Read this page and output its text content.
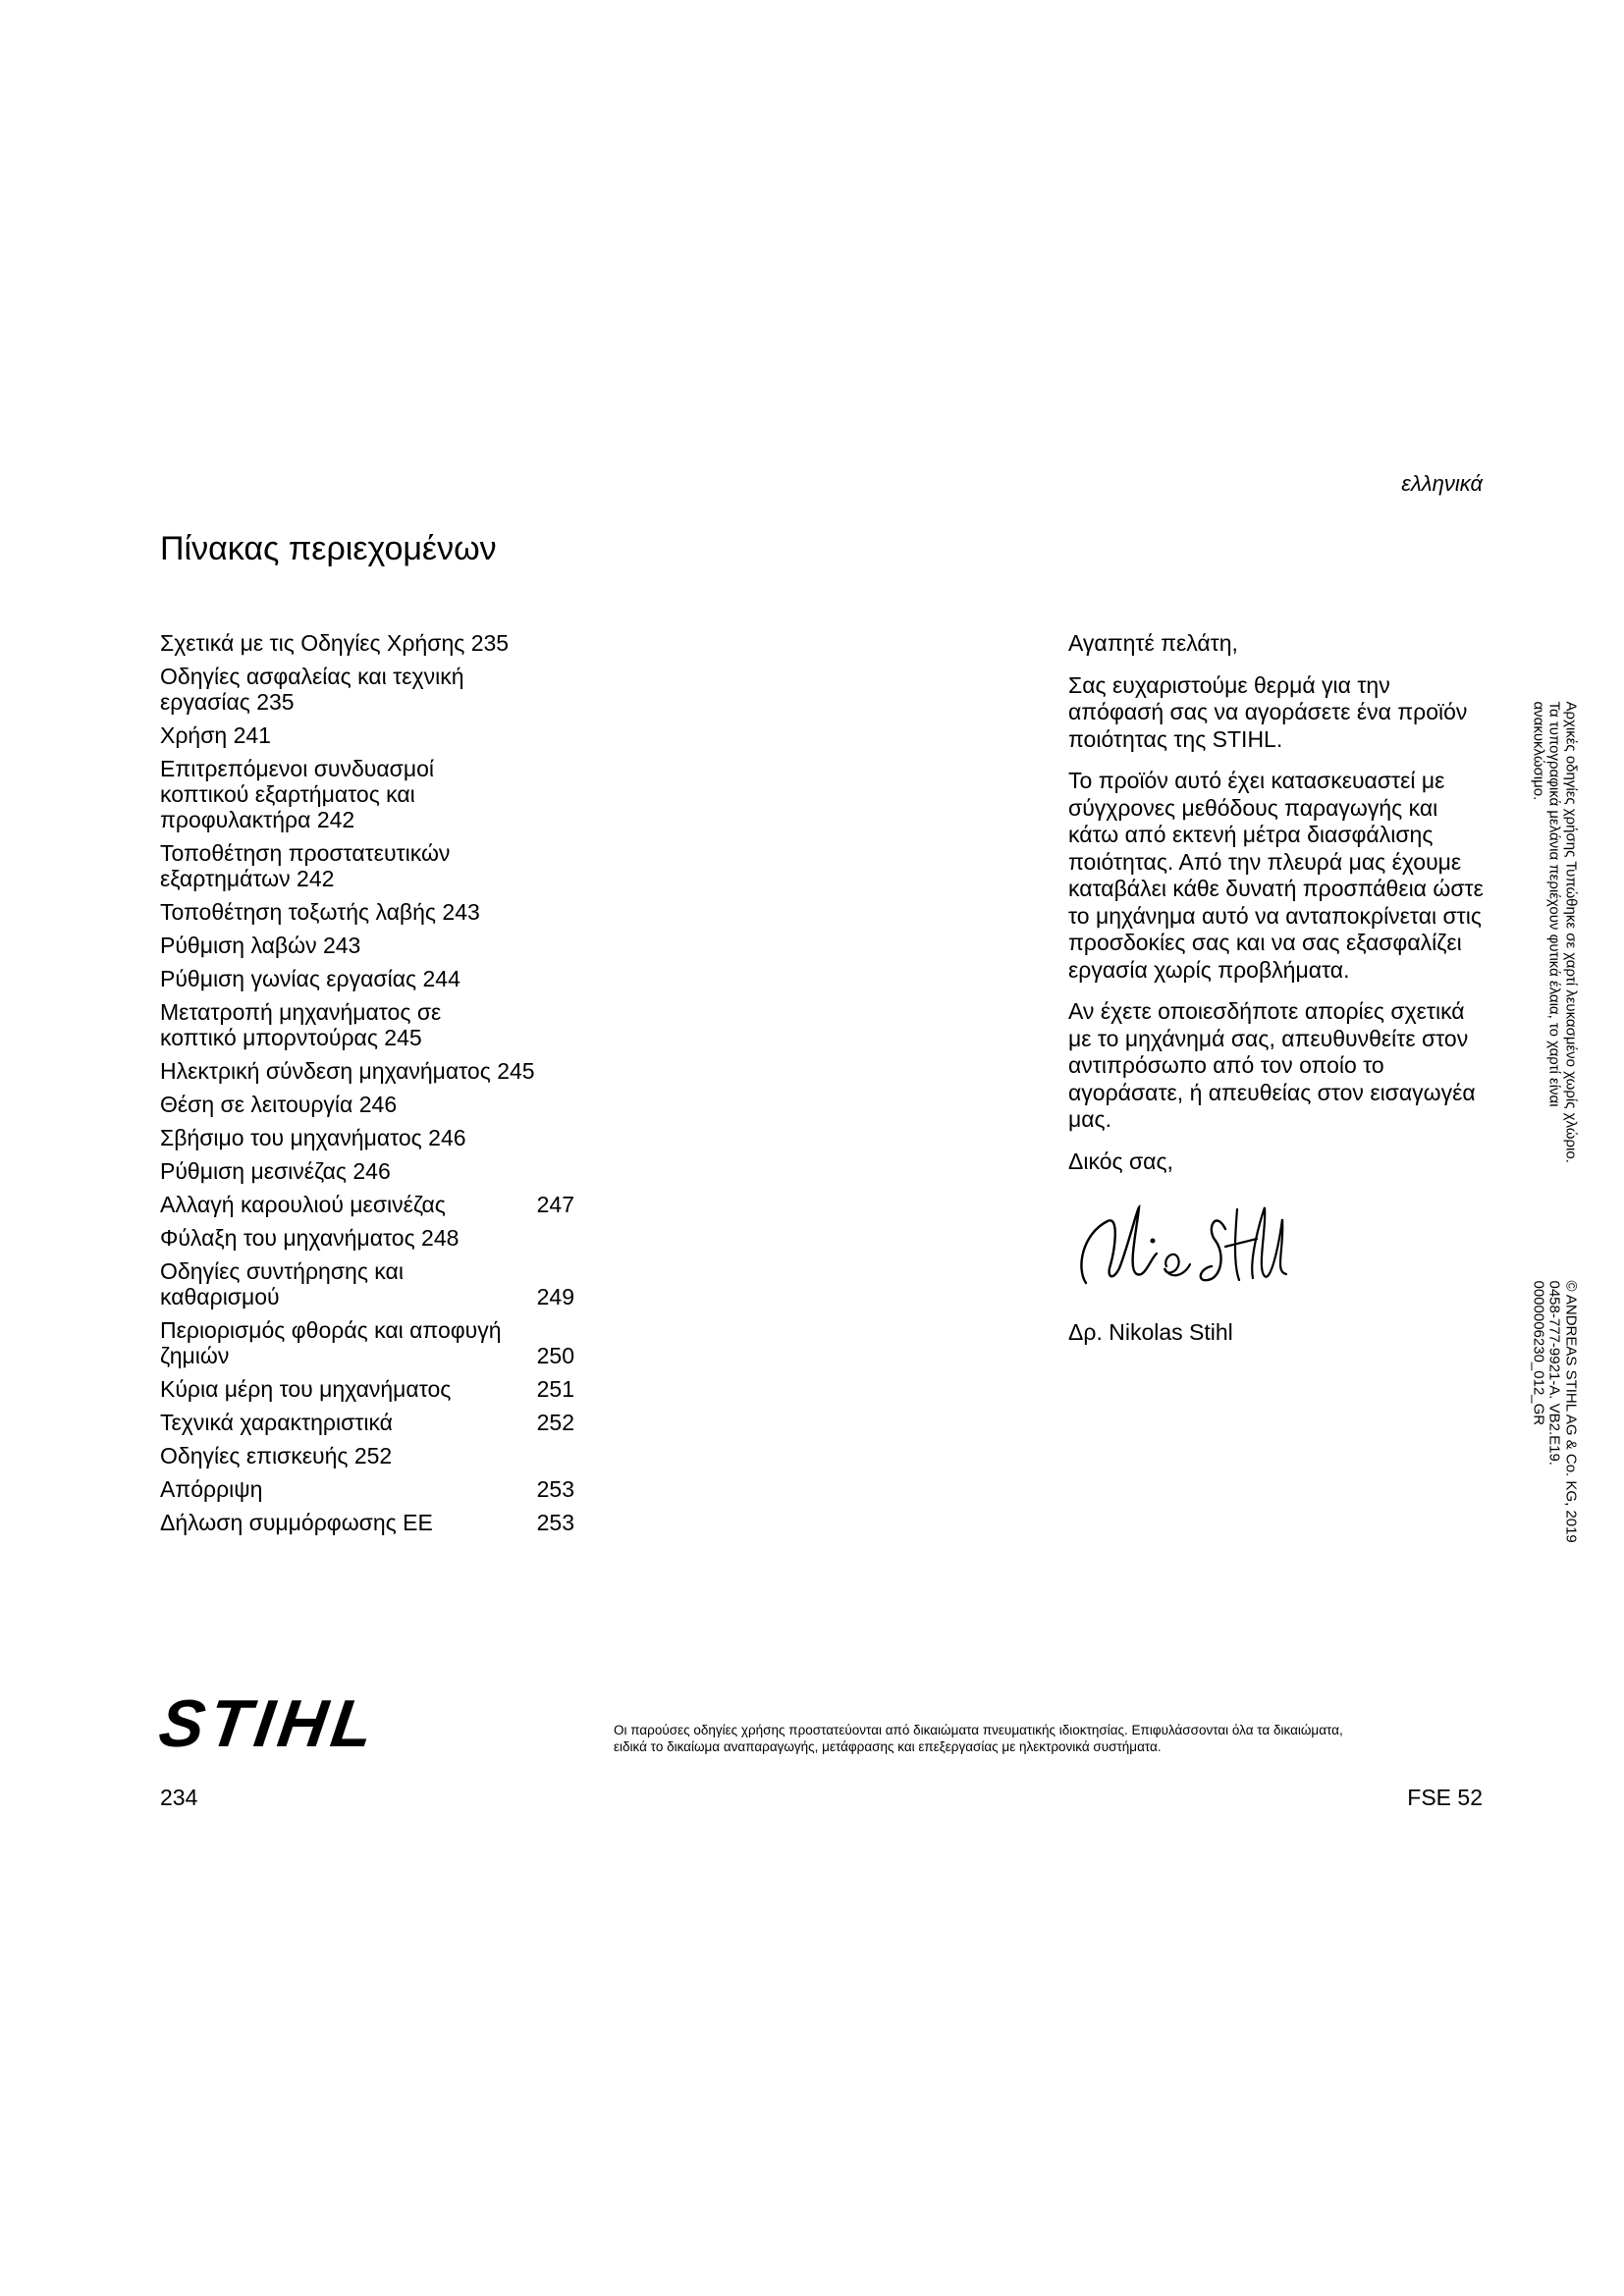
ελληνικά
Πίνακας περιεχομένων
Σχετικά με τις Οδηγίες Χρήσης 235
Οδηγίες ασφαλείας και τεχνική εργασίας 235
Χρήση 241
Επιτρεπόμενοι συνδυασμοί κοπτικού εξαρτήματος και προφυλακτήρα 242
Τοποθέτηση προστατευτικών εξαρτημάτων 242
Τοποθέτηση τοξωτής λαβής 243
Ρύθμιση λαβών 243
Ρύθμιση γωνίας εργασίας 244
Μετατροπή μηχανήματος σε κοπτικό μπορντούρας 245
Ηλεκτρική σύνδεση μηχανήματος 245
Θέση σε λειτουργία 246
Σβήσιμο του μηχανήματος 246
Ρύθμιση μεσινέζας 246
Αλλαγή καρουλιού μεσινέζας	247
Φύλαξη του μηχανήματος 248
Οδηγίες συντήρησης και καθαρισμού	249
Περιορισμός φθοράς και αποφυγή ζημιών	250
Κύρια μέρη του μηχανήματος	251
Τεχνικά χαρακτηριστικά	252
Οδηγίες επισκευής 252
Απόρριψη	253
Δήλωση συμμόρφωσης ΕΕ	253

Αγαπητέ πελάτη,

Σας ευχαριστούμε θερμά για την απόφασή σας να αγοράσετε ένα προϊόν ποιότητας της STIHL.

Το προϊόν αυτό έχει κατασκευαστεί με σύγχρονες μεθόδους παραγωγής και κάτω από εκτενή μέτρα διασφάλισης ποιότητας. Από την πλευρά μας έχουμε καταβάλει κάθε δυνατή προσπάθεια ώστε το μηχάνημα αυτό να ανταποκρίνεται στις προσδοκίες σας και να σας εξασφαλίζει εργασία χωρίς προβλήματα.

Αν έχετε οποιεσδήποτε απορίες σχετικά με το μηχάνημά σας, απευθυνθείτε στον αντιπρόσωπο από τον οποίο το αγοράσατε, ή απευθείας στον εισαγωγέα μας.

Δικός σας,

Δρ. Nikolas Stihl

Αρχικές οδηγίες χρήσης Τυπώθηκε σε χαρτί λευκασμένο χωρίς χλώριο.
Τα τυπογραφικά μελάνια περιέχουν φυτικά έλαια, το χαρτί είναι
ανακυκλώσιμο.
© ANDREAS STIHL AG & Co. KG, 2019
0458-777-9921-A. VB2.E19.
0000006230_012_GR
STIHL	Οι παρούσες οδηγίες χρήσης προστατεύονται από δικαιώματα πνευματικής ιδιοκτησίας. Επιφυλάσσονται όλα τα δικαιώματα,
ειδικά το δικαίωμα αναπαραγωγής, μετάφρασης και επεξεργασίας με ηλεκτρονικά συστήματα.
234	FSE 52
